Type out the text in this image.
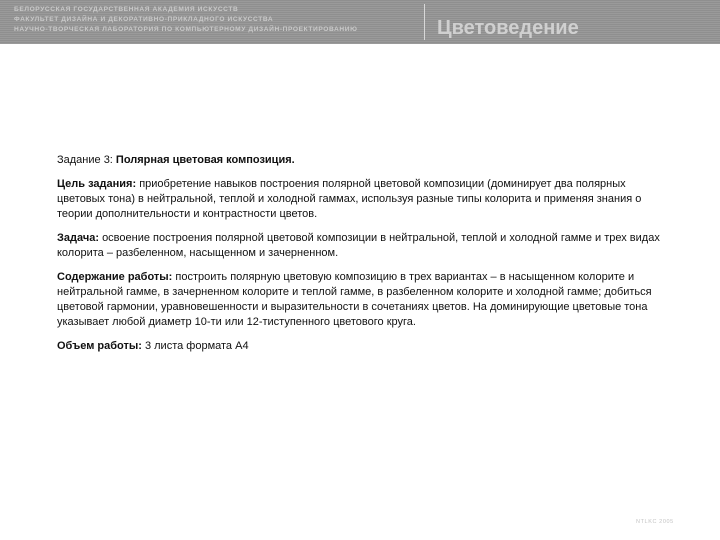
БЕЛОРУССКАЯ ГОСУДАРСТВЕННАЯ АКАДЕМИЯ ИСКУССТВ
ФАКУЛЬТЕТ ДИЗАЙНА И ДЕКОРАТИВНО-ПРИКЛАДНОГО ИСКУССТВА
НАУЧНО-ТВОРЧЕСКАЯ ЛАБОРАТОРИЯ ПО КОМПЬЮТЕРНОМУ ДИЗАЙН-ПРОЕКТИРОВАНИЮ	Цветоведение

Задание 3: Полярная цветовая композиция.

Цель задания: приобретение навыков построения полярной цветовой композиции (доминирует два полярных цветовых тона) в нейтральной, теплой и холодной гаммах, используя разные типы колорита и применяя знания о теории дополнительности и контрастности цветов.

Задача: освоение построения полярной цветовой композиции в нейтральной, теплой и холодной гамме и трех видах колорита – разбеленном, насыщенном и зачерненном.

Содержание работы: построить полярную цветовую композицию в трех вариантах – в насыщенном колорите и нейтральной гамме, в зачерненном колорите и теплой гамме, в разбеленном колорите и холодной гамме; добиться цветовой гармонии, уравновешенности и выразительности в сочетаниях цветов. На доминирующие цветовые тона указывает любой диаметр 10-ти или 12-тиступенного цветового круга.

Объем работы: 3 листа формата А4

NTLKC 2005
